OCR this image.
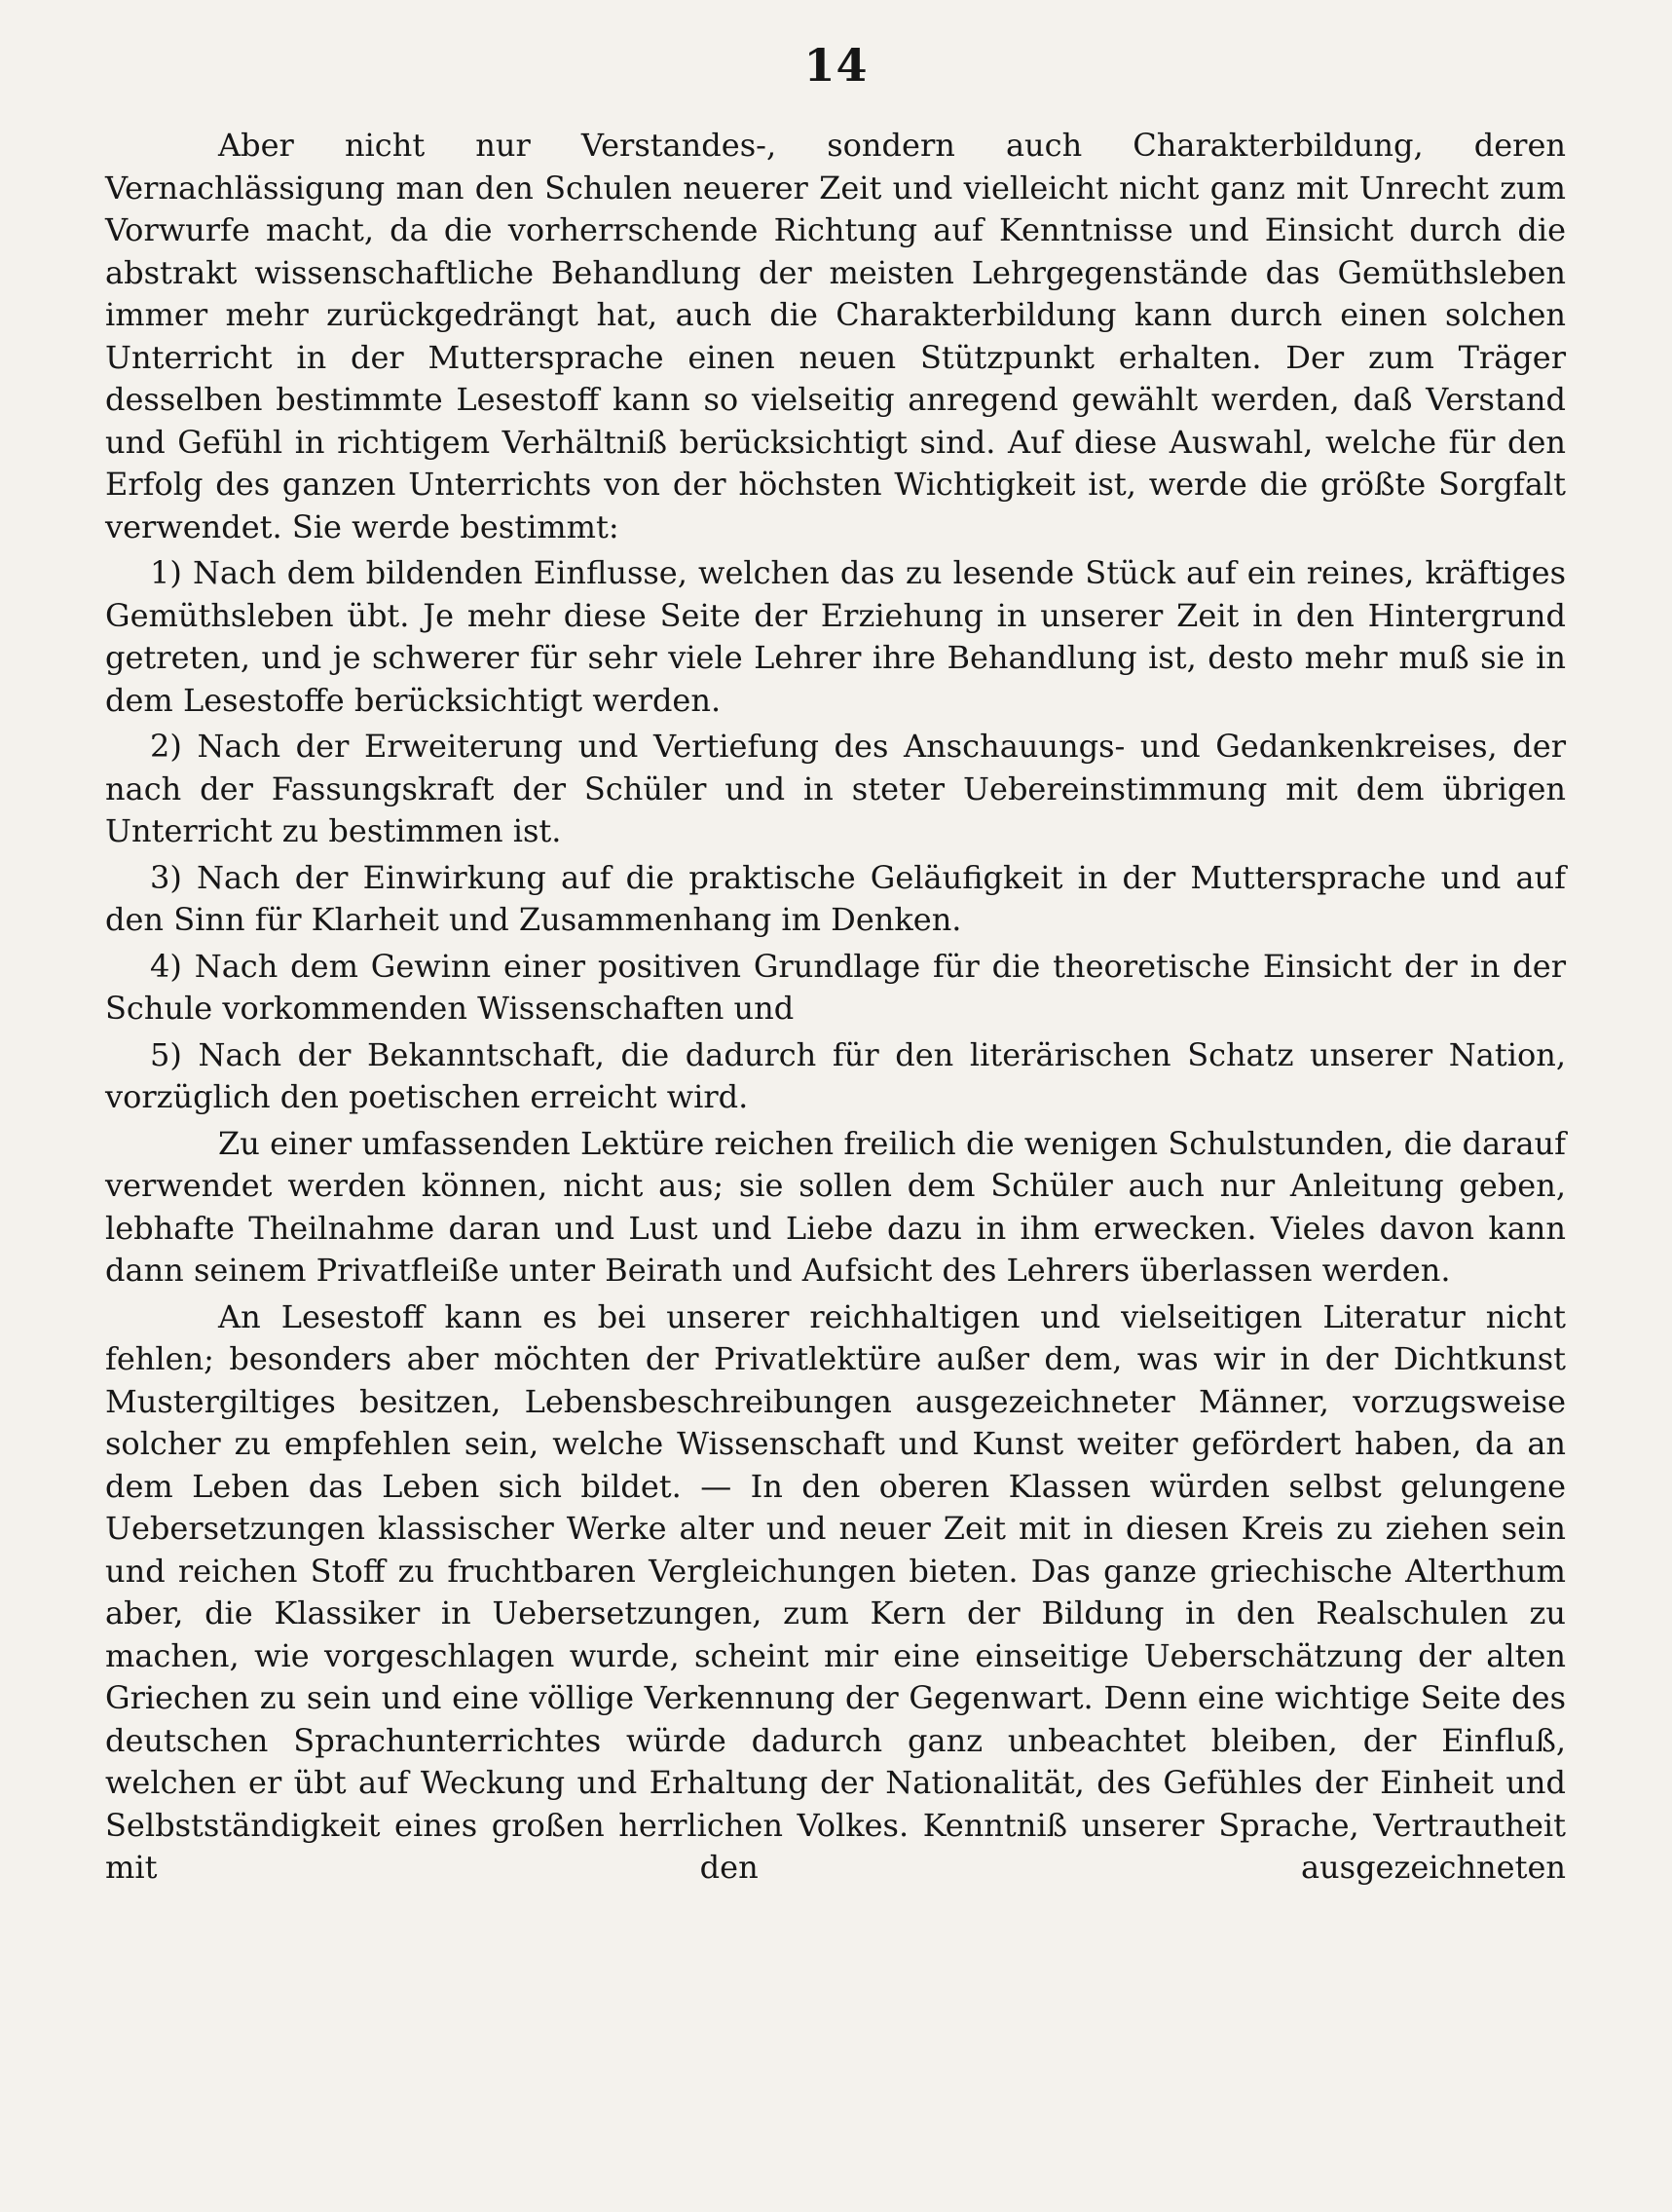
14

Aber nicht nur Verstandes-, sondern auch Charakterbildung, deren Vernachlässigung man den Schulen neuerer Zeit und vielleicht nicht ganz mit Unrecht zum Vorwurfe macht, da die vorherrschende Richtung auf Kenntnisse und Einsicht durch die abstrakt wissenschaftliche Behandlung der meisten Lehrgegenstände das Gemüthsleben immer mehr zurückgedrängt hat, auch die Charakterbildung kann durch einen solchen Unterricht in der Muttersprache einen neuen Stützpunkt erhalten. Der zum Träger desselben bestimmte Lesestoff kann so vielseitig anregend gewählt werden, daß Verstand und Gefühl in richtigem Verhältniß berücksichtigt sind. Auf diese Auswahl, welche für den Erfolg des ganzen Unterrichts von der höchsten Wichtigkeit ist, werde die größte Sorgfalt verwendet. Sie werde bestimmt:

1) Nach dem bildenden Einflusse, welchen das zu lesende Stück auf ein reines, kräftiges Gemüthsleben übt. Je mehr diese Seite der Erziehung in unserer Zeit in den Hintergrund getreten, und je schwerer für sehr viele Lehrer ihre Behandlung ist, desto mehr muß sie in dem Lesestoffe berücksichtigt werden.

2) Nach der Erweiterung und Vertiefung des Anschauungs- und Gedankenkreises, der nach der Fassungskraft der Schüler und in steter Uebereinstimmung mit dem übrigen Unterricht zu bestimmen ist.

3) Nach der Einwirkung auf die praktische Geläufigkeit in der Muttersprache und auf den Sinn für Klarheit und Zusammenhang im Denken.

4) Nach dem Gewinn einer positiven Grundlage für die theoretische Einsicht der in der Schule vorkommenden Wissenschaften und

5) Nach der Bekanntschaft, die dadurch für den literärischen Schatz unserer Nation, vorzüglich den poetischen erreicht wird.

Zu einer umfassenden Lektüre reichen freilich die wenigen Schulstunden, die darauf verwendet werden können, nicht aus; sie sollen dem Schüler auch nur Anleitung geben, lebhafte Theilnahme daran und Lust und Liebe dazu in ihm erwecken. Vieles davon kann dann seinem Privatfleiße unter Beirath und Aufsicht des Lehrers überlassen werden.

An Lesestoff kann es bei unserer reichhaltigen und vielseitigen Literatur nicht fehlen; besonders aber möchten der Privatlektüre außer dem, was wir in der Dichtkunst Mustergiltiges besitzen, Lebensbeschreibungen ausgezeichneter Männer, vorzugsweise solcher zu empfehlen sein, welche Wissenschaft und Kunst weiter gefördert haben, da an dem Leben das Leben sich bildet. — In den oberen Klassen würden selbst gelungene Uebersetzungen klassischer Werke alter und neuer Zeit mit in diesen Kreis zu ziehen sein und reichen Stoff zu fruchtbaren Vergleichungen bieten. Das ganze griechische Alterthum aber, die Klassiker in Uebersetzungen, zum Kern der Bildung in den Realschulen zu machen, wie vorgeschlagen wurde, scheint mir eine einseitige Ueberschätzung der alten Griechen zu sein und eine völlige Verkennung der Gegenwart. Denn eine wichtige Seite des deutschen Sprachunterrichtes würde dadurch ganz unbeachtet bleiben, der Einfluß, welchen er übt auf Weckung und Erhaltung der Nationalität, des Gefühles der Einheit und Selbstständigkeit eines großen herrlichen Volkes. Kenntniß unserer Sprache, Vertrautheit mit den ausgezeichneten
